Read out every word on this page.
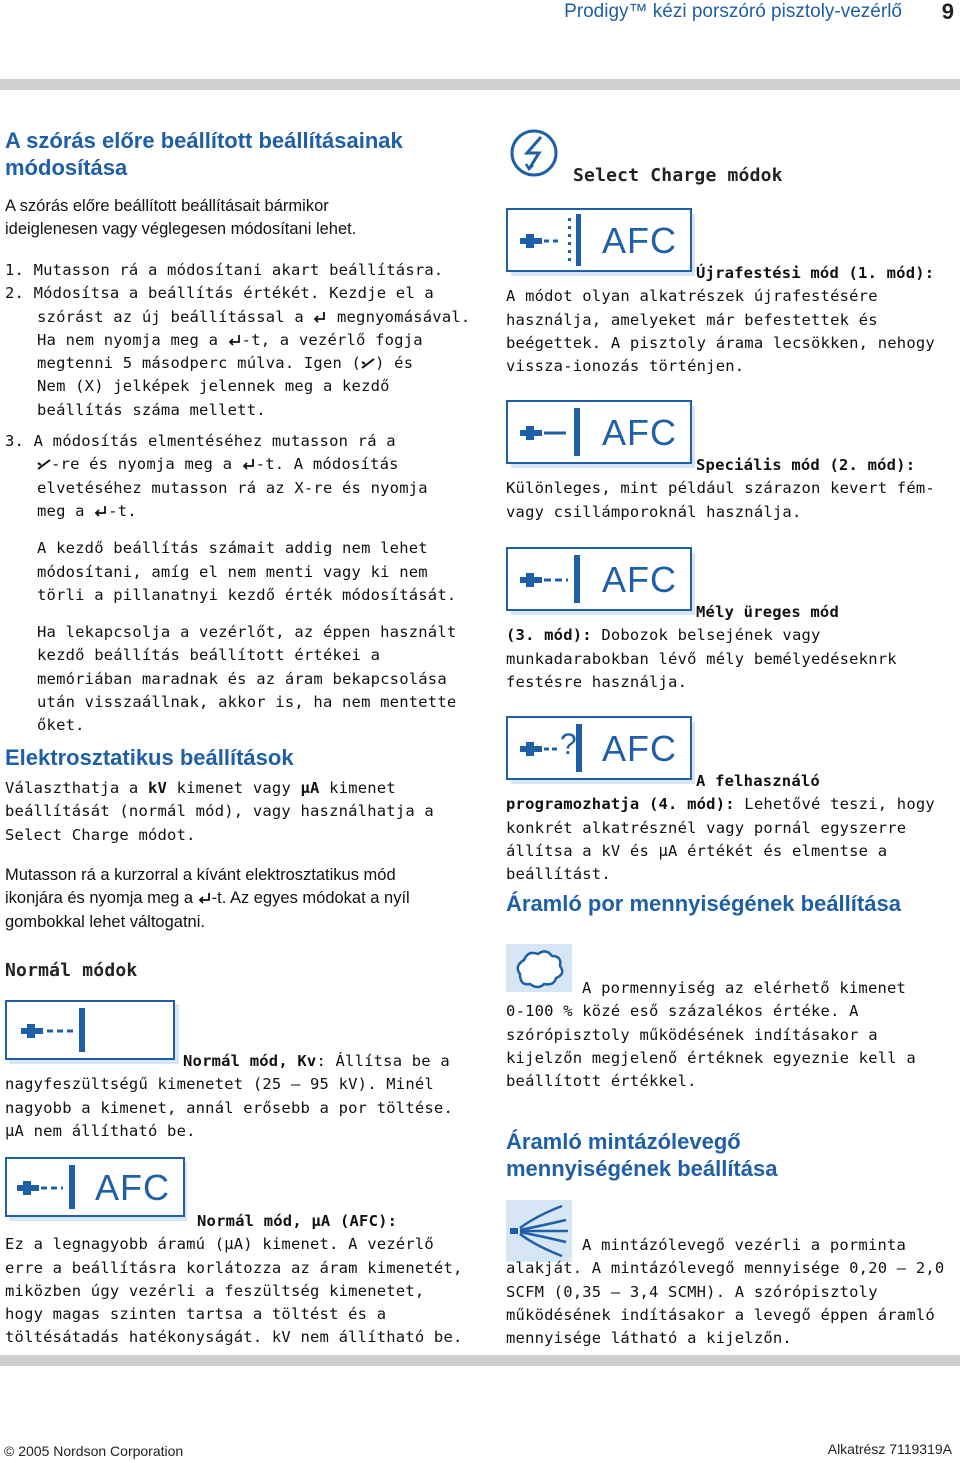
Prodigy™ kézi porszóró pisztoly-vezérlő 9
A szórás előre beállított beállításainak módosítása

A szórás előre beállított beállításait bármikor ideiglenesen vagy véglegesen módosítani lehet.

1. Mutasson rá a módosítani akart beállításra.
2. Módosítsa a beállítás értékét. Kezdje el a
szórást az új beállítással a megnyomásával.
Ha nem nyomja meg a -t, a vezérlő fogja
megtenni 5 másodperc múlva. Igen ( ) és
Nem (X) jelképek jelennek meg a kezdő
beállítás száma mellett.
3. A módosítás elmentéséhez mutasson rá a
-re és nyomja meg a -t. A módosítás
elvetéséhez mutasson rá az X-re és nyomja
meg a -t.
A kezdő beállítás számait addig nem lehet módosítani, amíg el nem menti vagy ki nem törli a pillanatnyi kezdő érték módosítását.
Ha lekapcsolja a vezérlőt, az éppen használt kezdő beállítás beállított értékei a memóriában maradnak és az áram bekapcsolása után visszaállnak, akkor is, ha nem mentette őket.
Elektrosztatikus beállítások

Választhatja a kV kimenet vagy μA kimenet beállítását (normál mód), vagy használhatja a Select Charge módot.

Mutasson rá a kurzorral a kívánt elektrosztatikus mód ikonjára és nyomja meg a -t. Az egyes módokat a nyíl gombokkal lehet váltogatni.

Normál módok

Normál mód, Kv: Állítsa be a
nagyfeszültségű kimenetet (25 — 95 kV). Minél nagyobb a kimenet, annál erősebb a por töltése. μA nem állítható be.

AFC

Normál mód, μA (AFC):
Ez a legnagyobb áramú (μA) kimenet. A vezérlő erre a beállításra korlátozza az áram kimenetét, miközben úgy vezérli a feszültség kimenetet, hogy magas szinten tartsa a töltést és a töltésátadás hatékonyságát. kV nem állítható be.

Select Charge módok
AFC

Újrafestési mód (1. mód):
A módot olyan alkatrészek újrafestésére használja, amelyeket már befestettek és beégettek. A pisztoly árama lecsökken, nehogy vissza-ionozás történjen.

AFC

Speciális mód (2. mód):
Különleges, mint például szárazon kevert fém-vagy csillámporoknál használja.

AFC

Mély üreges mód
(3. mód): Dobozok belsejének vagy
munkadarabokban lévő mély bemélyedéseknrk festésre használja.

? AFC

A felhasználó
programozhatja (4. mód): Lehetővé teszi, hogy
konkrét alkatrésznél vagy pornál egyszerre állítsa a kV és μA értékét és elmentse a beállítást.

Áramló por mennyiségének beállítása

A pormennyiség az elérhető kimenet
0-100 % közé eső százalékos értéke. A szórópisztoly működésének indításakor a kijelzőn megjelenő értéknek egyeznie kell a beállított értékkel.

Áramló mintázólevegő mennyiségének beállítása

A mintázólevegő vezérli a porminta
alakját. A mintázólevegő mennyisége 0,20 — 2,0 SCFM (0,35 — 3,4 SCMH). A szórópisztoly működésének indításakor a levegő éppen áramló mennyisége látható a kijelzőn.

© 2005 Nordson Corporation	Alkatrész 7119319A
